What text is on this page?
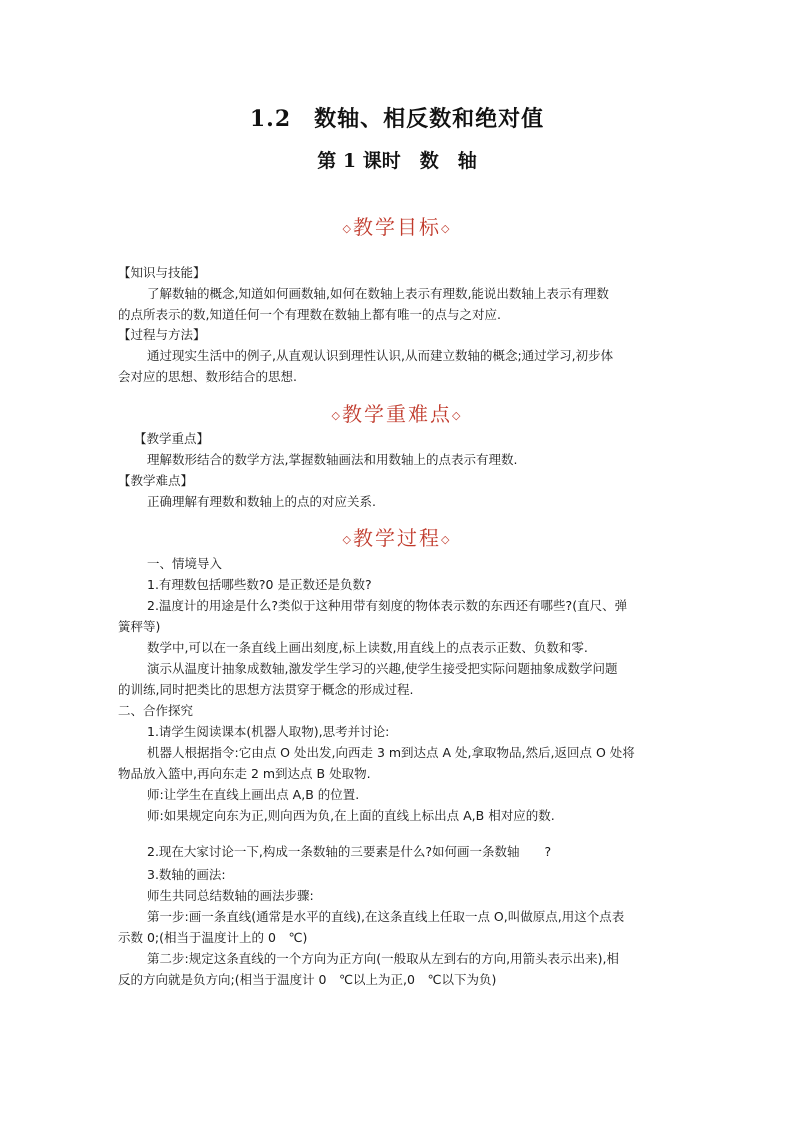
1.2　数轴、相反数和绝对值
第 1 课时　数　轴
◇教学目标◇
【知识与技能】
了解数轴的概念,知道如何画数轴,如何在数轴上表示有理数,能说出数轴上表示有理数
的点所表示的数,知道任何一个有理数在数轴上都有唯一的点与之对应.
【过程与方法】
通过现实生活中的例子,从直观认识到理性认识,从而建立数轴的概念;通过学习,初步体
会对应的思想、数形结合的思想.
◇教学重难点◇
【教学重点】
理解数形结合的数学方法,掌握数轴画法和用数轴上的点表示有理数.
【教学难点】
正确理解有理数和数轴上的点的对应关系.
◇教学过程◇
一、情境导入
1.有理数包括哪些数?0 是正数还是负数?
2.温度计的用途是什么?类似于这种用带有刻度的物体表示数的东西还有哪些?(直尺、弹
簧秤等)
数学中,可以在一条直线上画出刻度,标上读数,用直线上的点表示正数、负数和零.
演示从温度计抽象成数轴,激发学生学习的兴趣,使学生接受把实际问题抽象成数学问题
的训练,同时把类比的思想方法贯穿于概念的形成过程.
二、合作探究
1.请学生阅读课本(机器人取物),思考并讨论:
机器人根据指令:它由点 O 处出发,向西走 3 m到达点 A 处,拿取物品,然后,返回点 O 处将
物品放入篮中,再向东走 2 m到达点 B 处取物.
师:让学生在直线上画出点 A,B 的位置.
师:如果规定向东为正,则向西为负,在上面的直线上标出点 A,B 相对应的数.
2.现在大家讨论一下,构成一条数轴的三要素是什么?如何画一条数轴　　?
3.数轴的画法:
师生共同总结数轴的画法步骤:
第一步:画一条直线(通常是水平的直线),在这条直线上任取一点 O,叫做原点,用这个点表
示数 0;(相当于温度计上的 0　℃)
第二步:规定这条直线的一个方向为正方向(一般取从左到右的方向,用箭头表示出来),相
反的方向就是负方向;(相当于温度计 0　℃以上为正,0　℃以下为负)
